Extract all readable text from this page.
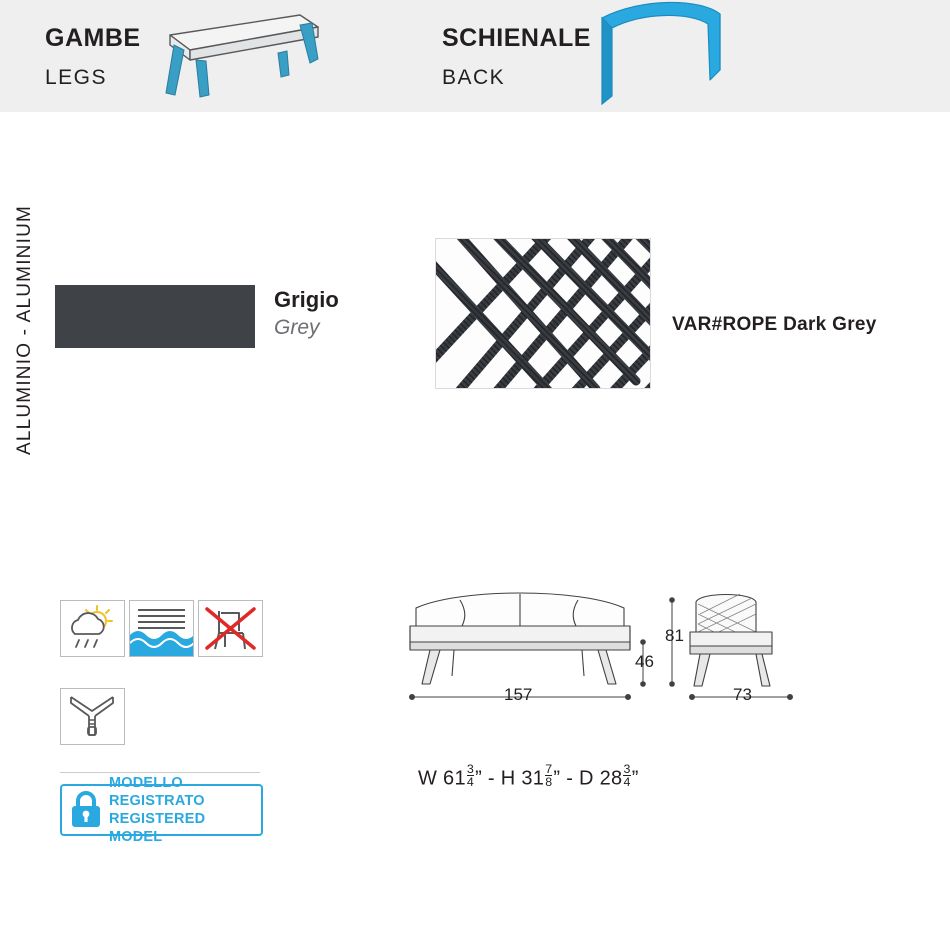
GAMBE
LEGS
SCHIENALE
BACK
ALLUMINIO - ALUMINIUM	Grigio
Grey	VAR#ROPE Dark Grey
MODELLO REGISTRATO
REGISTERED MODEL
157
46
73
81
W $61 \frac{3}{4}$ ” - H $31 \frac{7}{8}$ ” - D $28 \frac{3}{4}$ ”
